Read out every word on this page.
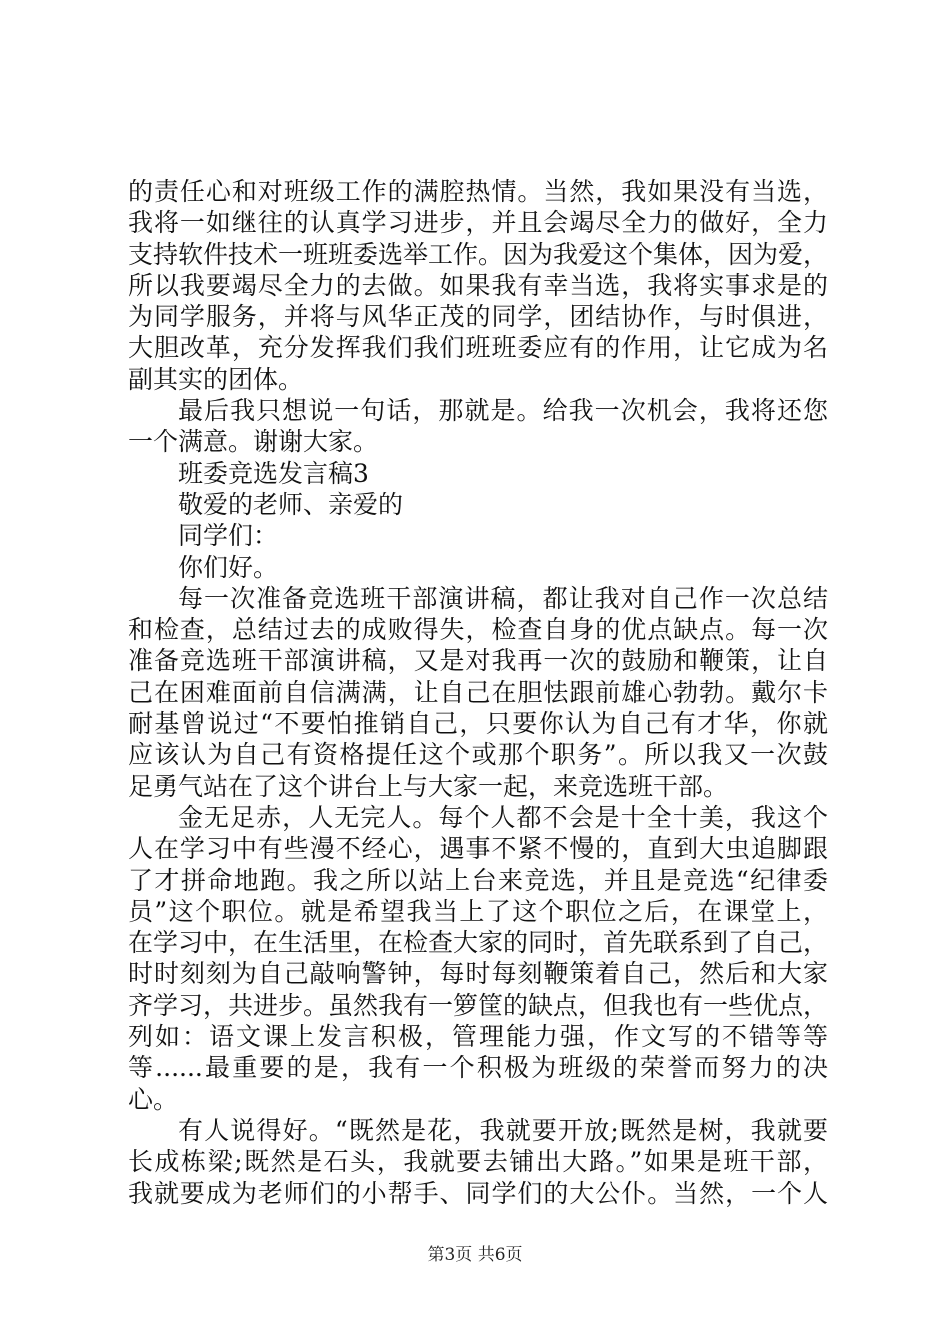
的责任心和对班级工作的满腔热情。当然，我如果没有当选，
我将一如继往的认真学习进步，并且会竭尽全力的做好，全力
支持软件技术一班班委选举工作。因为我爱这个集体，因为爱，
所以我要竭尽全力的去做。如果我有幸当选，我将实事求是的
为同学服务，并将与风华正茂的同学，团结协作，与时俱进，
大胆改革，充分发挥我们我们班班委应有的作用，让它成为名
副其实的团体。
最后我只想说一句话，那就是。给我一次机会，我将还您
一个满意。谢谢大家。
班委竞选发言稿3
敬爱的老师、亲爱的
同学们：
你们好。
每一次准备竞选班干部演讲稿，都让我对自己作一次总结
和检查，总结过去的成败得失，检查自身的优点缺点。每一次
准备竞选班干部演讲稿，又是对我再一次的鼓励和鞭策，让自
己在困难面前自信满满，让自己在胆怯跟前雄心勃勃。戴尔卡
耐基曾说过“不要怕推销自己，只要你认为自己有才华，你就
应该认为自己有资格提任这个或那个职务”。所以我又一次鼓
足勇气站在了这个讲台上与大家一起，来竞选班干部。
金无足赤，人无完人。每个人都不会是十全十美，我这个
人在学习中有些漫不经心，遇事不紧不慢的，直到大虫追脚跟
了才拼命地跑。我之所以站上台来竞选，并且是竞选“纪律委
员”这个职位。就是希望我当上了这个职位之后，在课堂上，
在学习中，在生活里，在检查大家的同时，首先联系到了自己，
时时刻刻为自己敲响警钟，每时每刻鞭策着自己，然后和大家
齐学习，共进步。虽然我有一箩筐的缺点，但我也有一些优点，
列如：语文课上发言积极，管理能力强，作文写的不错等等
等......最重要的是，我有一个积极为班级的荣誉而努力的决
心。
有人说得好。“既然是花，我就要开放;既然是树，我就要
长成栋梁;既然是石头，我就要去铺出大路。”如果是班干部，
我就要成为老师们的小帮手、同学们的大公仆。当然，一个人
第3页 共6页
